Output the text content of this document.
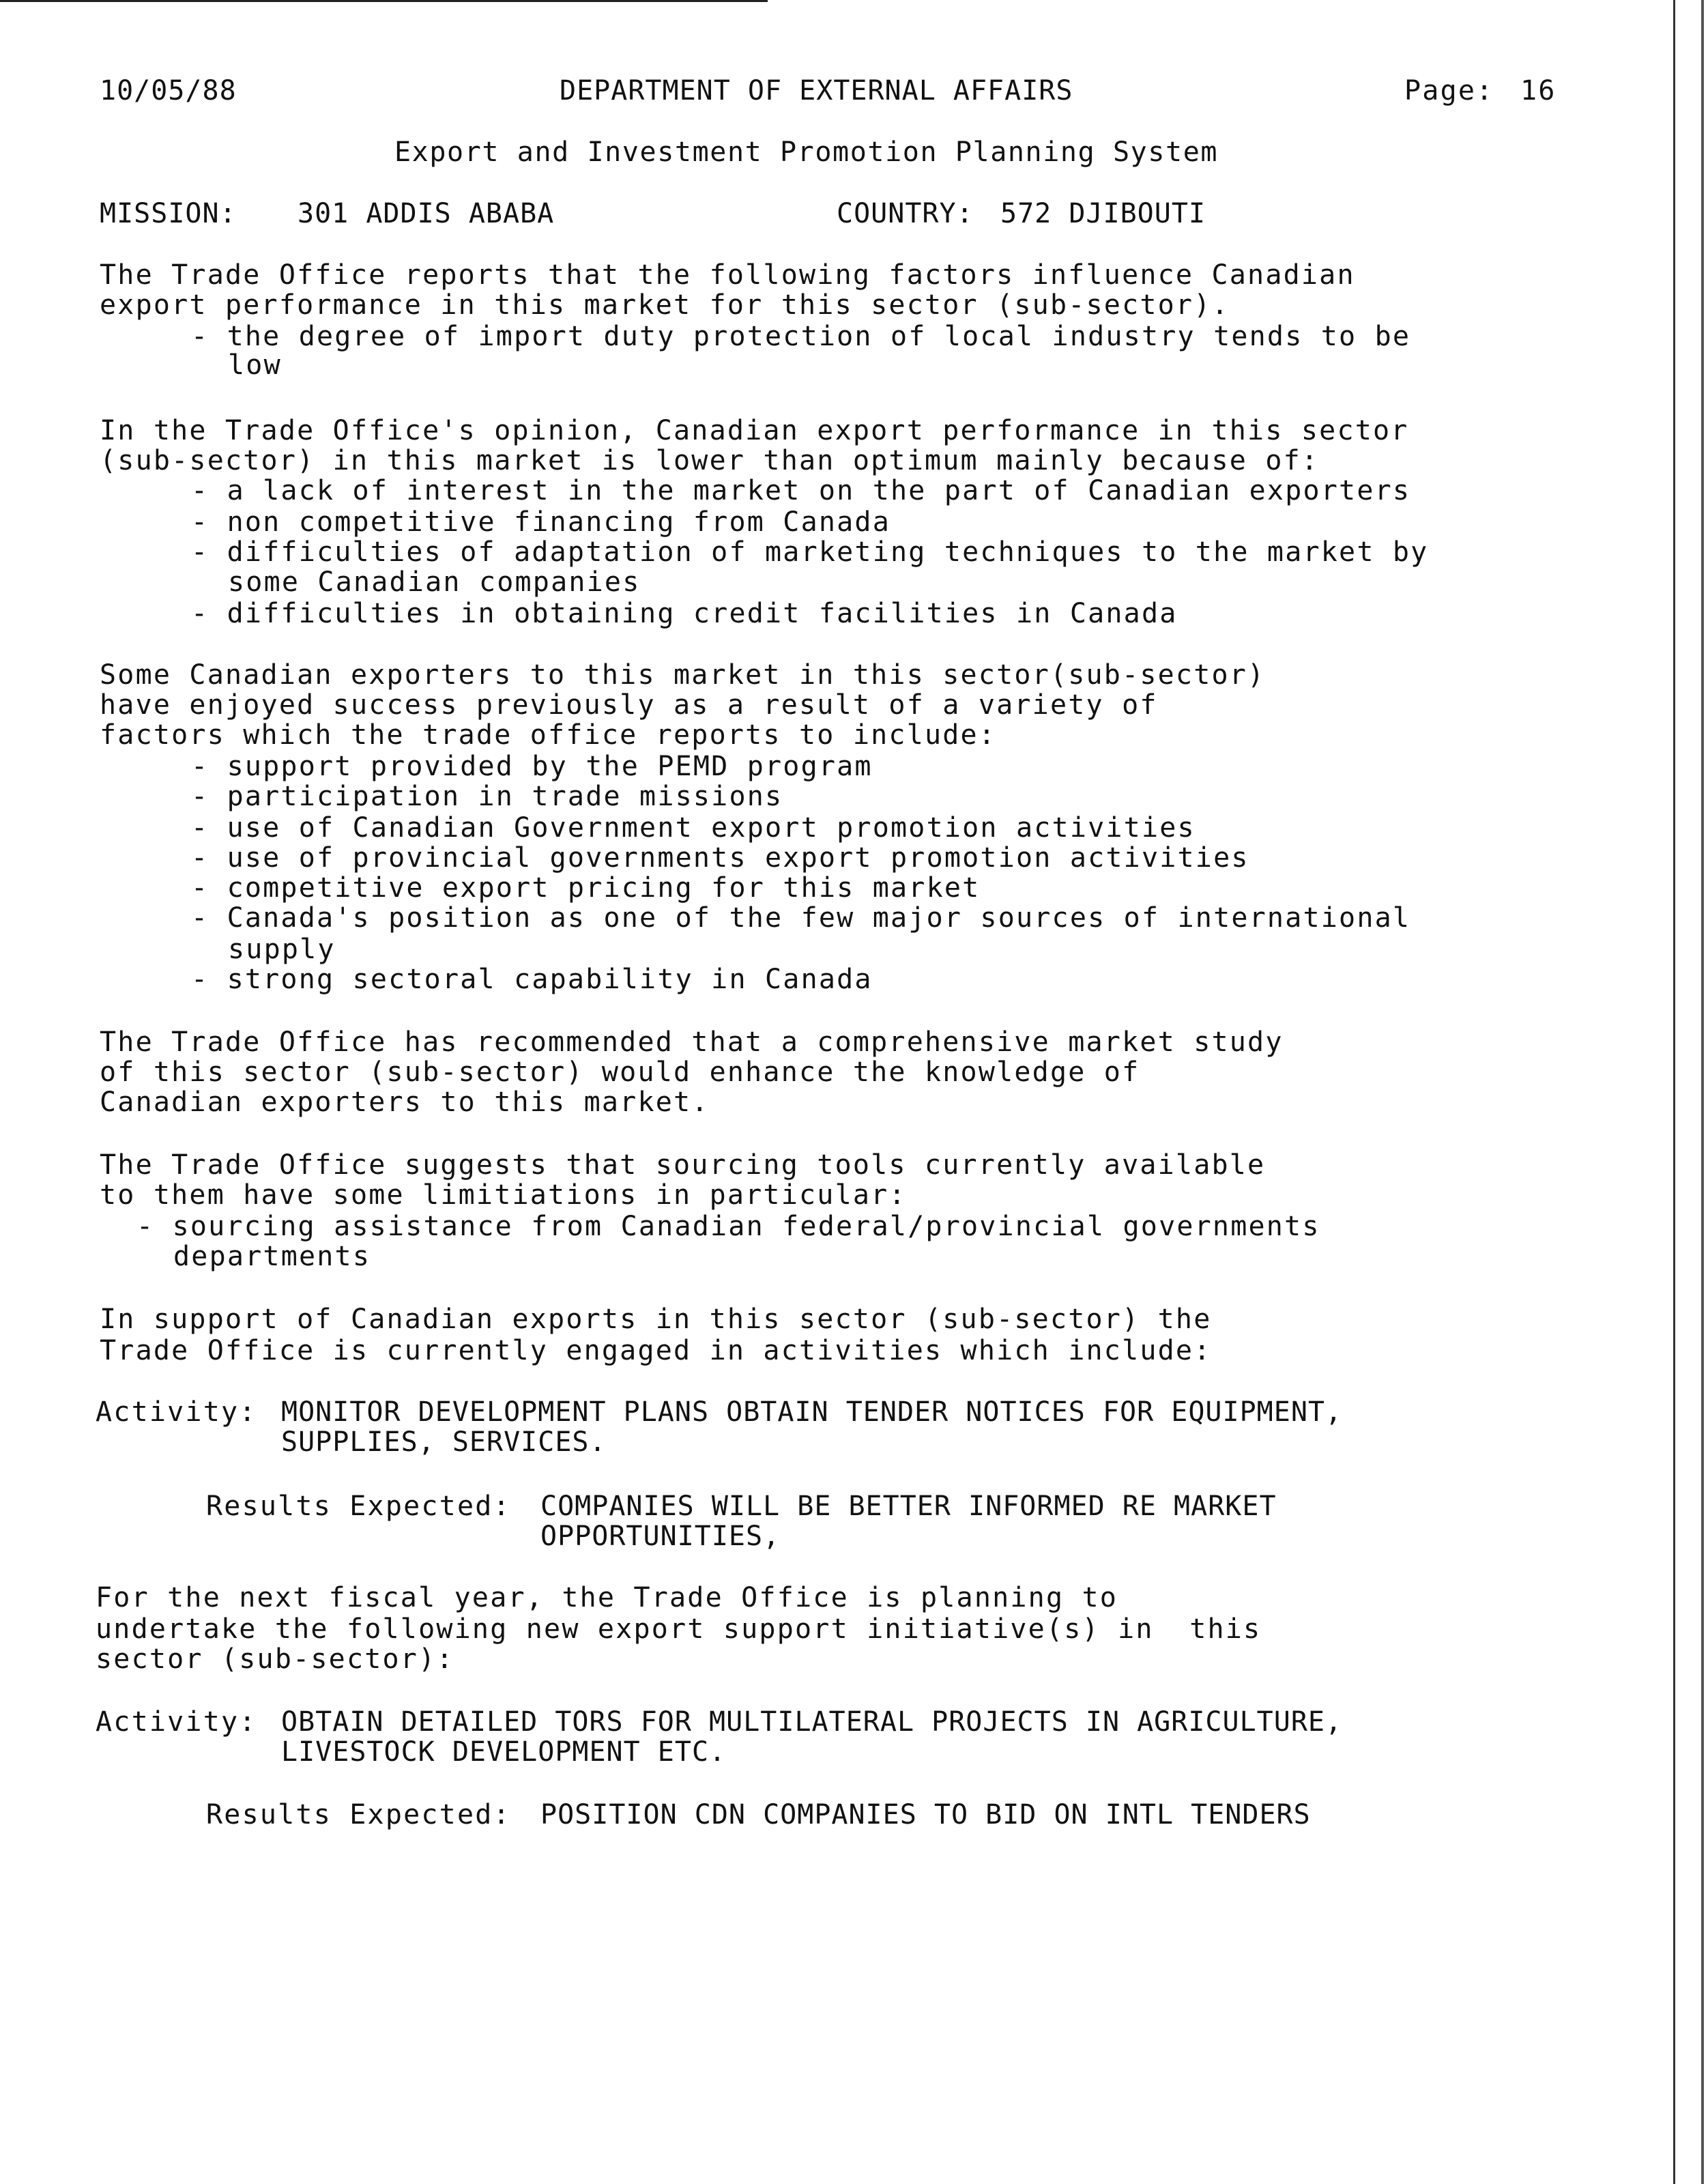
10/05/88	DEPARTMENT OF EXTERNAL AFFAIRS	Page: 16
Export and Investment Promotion Planning System
MISSION: 301 ADDIS ABABA	COUNTRY: 572 DJIBOUTI
The Trade Office reports that the following factors influence Canadian
export performance in this market for this sector (sub-sector).
- the degree of import duty protection of local industry tends to be
low
In the Trade Office's opinion, Canadian export performance in this sector
(sub-sector) in this market is lower than optimum mainly because of:
- a lack of interest in the market on the part of Canadian exporters
- non competitive financing from Canada
- difficulties of adaptation of marketing techniques to the market by
some Canadian companies
- difficulties in obtaining credit facilities in Canada
Some Canadian exporters to this market in this sector(sub-sector)
have enjoyed success previously as a result of a variety of
factors which the trade office reports to include:
- support provided by the PEMD program
- participation in trade missions
- use of Canadian Government export promotion activities
- use of provincial governments export promotion activities
- competitive export pricing for this market
- Canada's position as one of the few major sources of international
supply
- strong sectoral capability in Canada
The Trade Office has recommended that a comprehensive market study
of this sector (sub-sector) would enhance the knowledge of
Canadian exporters to this market.
The Trade Office suggests that sourcing tools currently available
to them have some limitiations in particular:
- sourcing assistance from Canadian federal/provincial governments
departments
In support of Canadian exports in this sector (sub-sector) the
Trade Office is currently engaged in activities which include:
Activity: MONITOR DEVELOPMENT PLANS OBTAIN TENDER NOTICES FOR EQUIPMENT,
SUPPLIES, SERVICES.
Results Expected: COMPANIES WILL BE BETTER INFORMED RE MARKET
OPPORTUNITIES,
For the next fiscal year, the Trade Office is planning to
undertake the following new export support initiative(s) in  this
sector (sub-sector):
Activity: OBTAIN DETAILED TORS FOR MULTILATERAL PROJECTS IN AGRICULTURE,
LIVESTOCK DEVELOPMENT ETC.
Results Expected: POSITION CDN COMPANIES TO BID ON INTL TENDERS
